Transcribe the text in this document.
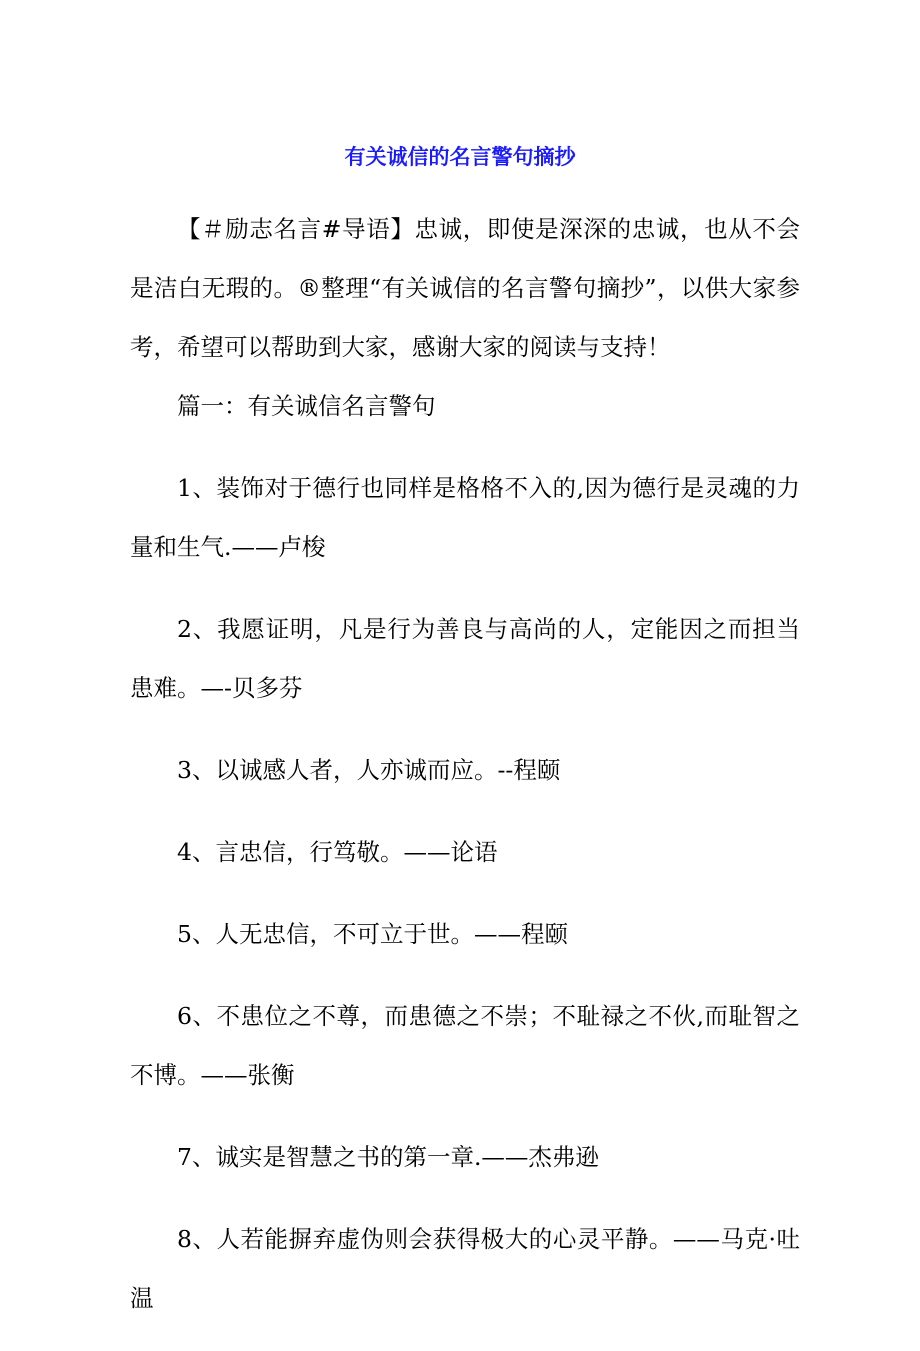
有关诚信的名言警句摘抄

【＃励志名言#导语】忠诚，即使是深深的忠诚，也从不会是洁白无瑕的。®整理“有关诚信的名言警句摘抄”，以供大家参考，希望可以帮助到大家，感谢大家的阅读与支持！

篇一：有关诚信名言警句

1、装饰对于德行也同样是格格不入的,因为德行是灵魂的力量和生气.——卢梭

2、我愿证明，凡是行为善良与高尚的人，定能因之而担当患难。—-贝多芬

3、以诚感人者，人亦诚而应。--程颐

4、言忠信，行笃敬。——论语

5、人无忠信，不可立于世。——程颐

6、不患位之不尊，而患德之不崇；不耻禄之不伙,而耻智之不博。——张衡

7、诚实是智慧之书的第一章.——杰弗逊

8、人若能摒弃虚伪则会获得极大的心灵平静。——马克·吐温
